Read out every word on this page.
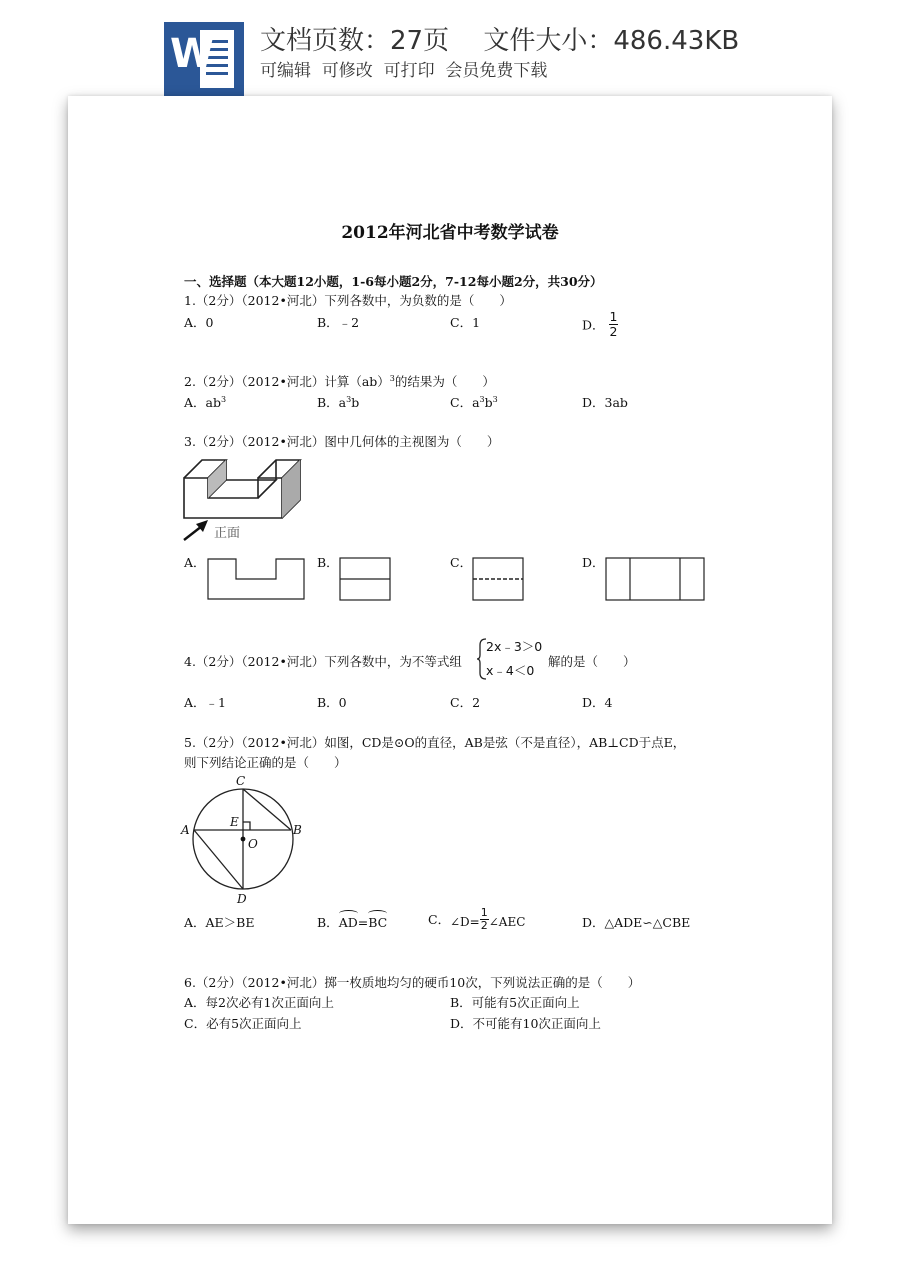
W 文档页数：27页　 文件大小：486.43KB
可编辑  可修改  可打印  会员免费下载
2012年河北省中考数学试卷
一、选择题（本大题12小题，1-6每小题2分，7-12每小题2分，共30分）
1.（2分）（2012•河北）下列各数中，为负数的是（　　）
A．0	B．﹣2	C．1	D． $\frac{1}{2}$
2.（2分）（2012•河北）计算（ab）$^3$的结果为（　　）
A．$ab^3$	B．$a^3b$	C．$a^3b^3$	D．3ab
3.（2分）（2012•河北）图中几何体的主视图为（　　）
正面
A．	B．	C．	D．
4.（2分）（2012•河北）下列各数中，为不等式组
2x﹣3＞0
x﹣4＜0
解的是（　　）
A．﹣1	B．0	C．2	D．4
5.（2分）（2012•河北）如图，CD是⊙O的直径，AB是弦（不是直径），AB⊥CD于点E，
则下列结论正确的是（　　）
C
A	B
E
O
D
A．AE＞BE	B．AD=BC	C． ∠D= $\frac{1}{2}$ ∠AEC	D．△ADE∽△CBE
6.（2分）（2012•河北）掷一枚质地均匀的硬币10次，下列说法正确的是（　　）
A．每2次必有1次正面向上	B．可能有5次正面向上
C．必有5次正面向上	D．不可能有10次正面向上
